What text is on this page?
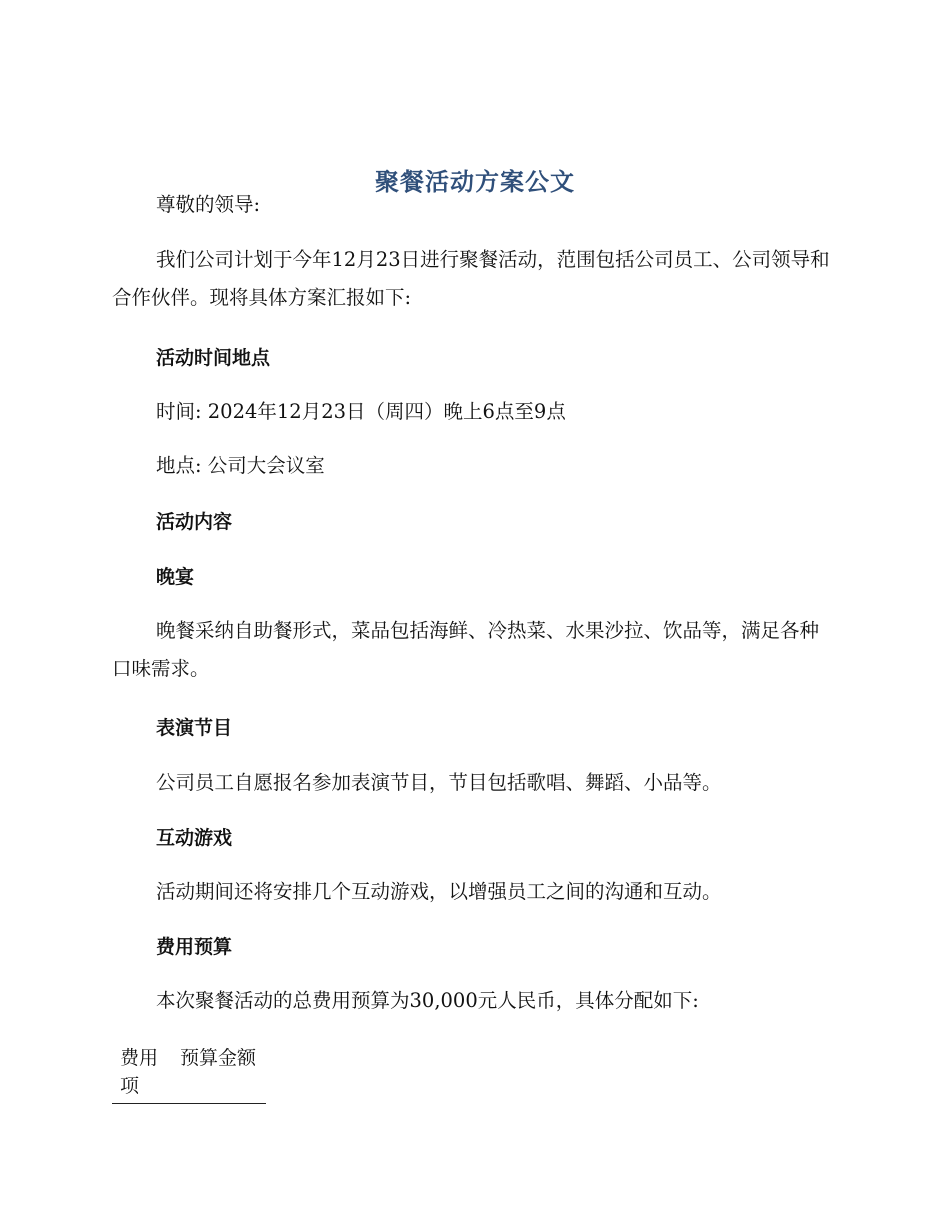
聚餐活动方案公文

尊敬的领导:

我们公司计划于今年12月23日进行聚餐活动，范围包括公司员工、公司领导和合作伙伴。现将具体方案汇报如下:

活动时间地点

时间: 2024年12月23日（周四）晚上6点至9点

地点: 公司大会议室

活动内容
晚宴

晚餐采纳自助餐形式，菜品包括海鲜、冷热菜、水果沙拉、饮品等，满足各种口味需求。

表演节目

公司员工自愿报名参加表演节目，节目包括歌唱、舞蹈、小品等。

互动游戏

活动期间还将安排几个互动游戏，以增强员工之间的沟通和互动。

费用预算

本次聚餐活动的总费用预算为30,000元人民币，具体分配如下:

费用项	预算金额
